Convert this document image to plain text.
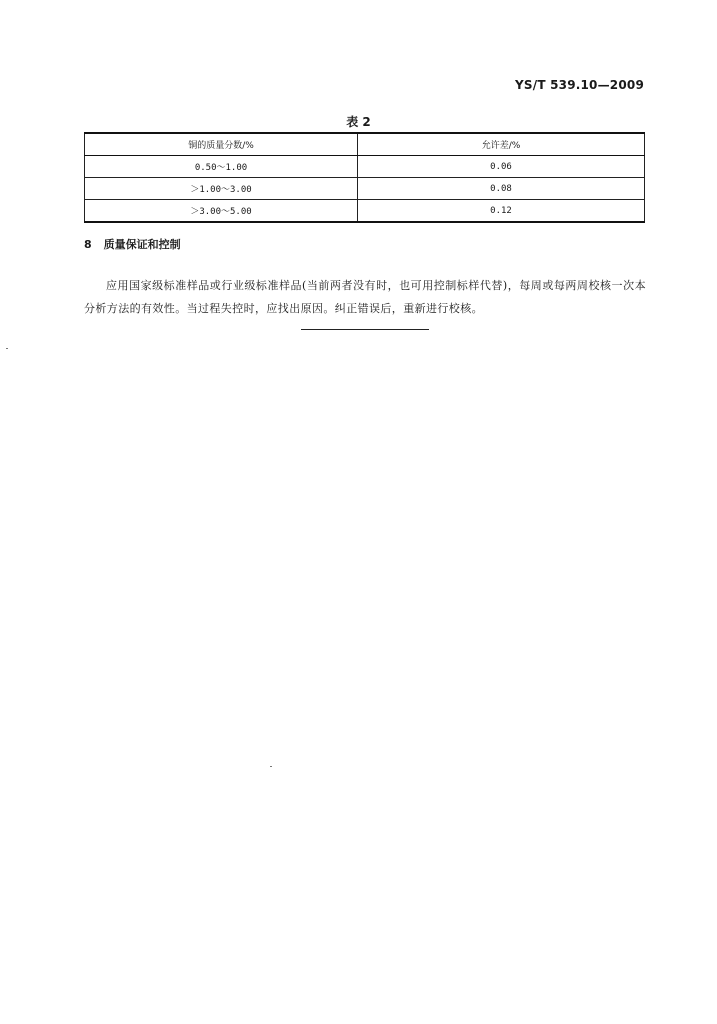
YS/T 539.10—2009
表 2
铜的质量分数/%	允许差/%
0.50～1.00	0.06
＞1.00～3.00	0.08
＞3.00～5.00	0.12
8 质量保证和控制

应用国家级标准样品或行业级标准样品(当前两者没有时，也可用控制标样代替)，每周或每两周校核一次本分析方法的有效性。当过程失控时，应找出原因。纠正错误后，重新进行校核。
